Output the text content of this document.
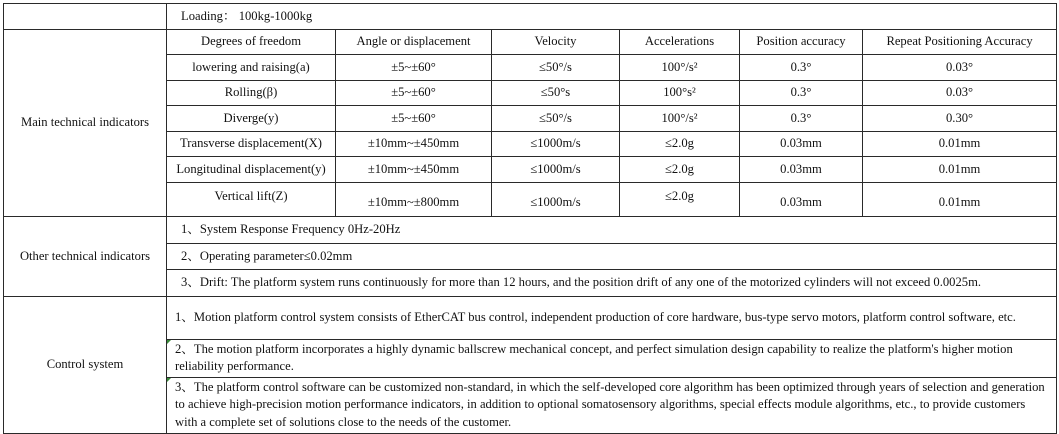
	Loading： 100kg-1000kg					
Main technical indicators	Degrees of freedom	Angle or displacement	Velocity	Accelerations	Position accuracy	Repeat Positioning Accuracy
	lowering and raising(a)	±5~±60°	≤50°/s	100°/s²	0.3°	0.03°
	Rolling(β)	±5~±60°	≤50°s	100°s²	0.3°	0.03°
	Diverge(y)	±5~±60°	≤50°/s	100°/s²	0.3°	0.30°
	Transverse displacement(X)	±10mm~±450mm	≤1000m/s	≤2.0g	0.03mm	0.01mm
	Longitudinal displacement(y)	±10mm~±450mm	≤1000m/s	≤2.0g	0.03mm	0.01mm
	Vertical lift(Z)	±10mm~±800mm	≤1000m/s	≤2.0g	0.03mm	0.01mm
Other technical indicators	1、System Response Frequency 0Hz-20Hz					
	2、Operating parameter≤0.02mm					
	3、Drift: The platform system runs continuously for more than 12 hours, and the position drift of any one of the motorized cylinders will not exceed 0.0025m.					
Control system	1、Motion platform control system consists of EtherCAT bus control, independent production of core hardware, bus-type servo motors, platform control software, etc.					

2、The motion platform incorporates a highly dynamic ballscrew mechanical concept, and perfect simulation design capability to realize the platform's higher motion reliability performance.					

3、The platform control software can be customized non-standard, in which the self-developed core algorithm has been optimized through years of selection and generation to achieve high-precision motion performance indicators, in addition to optional somatosensory algorithms, special effects module algorithms, etc., to provide customers with a complete set of solutions close to the needs of the customer.					
